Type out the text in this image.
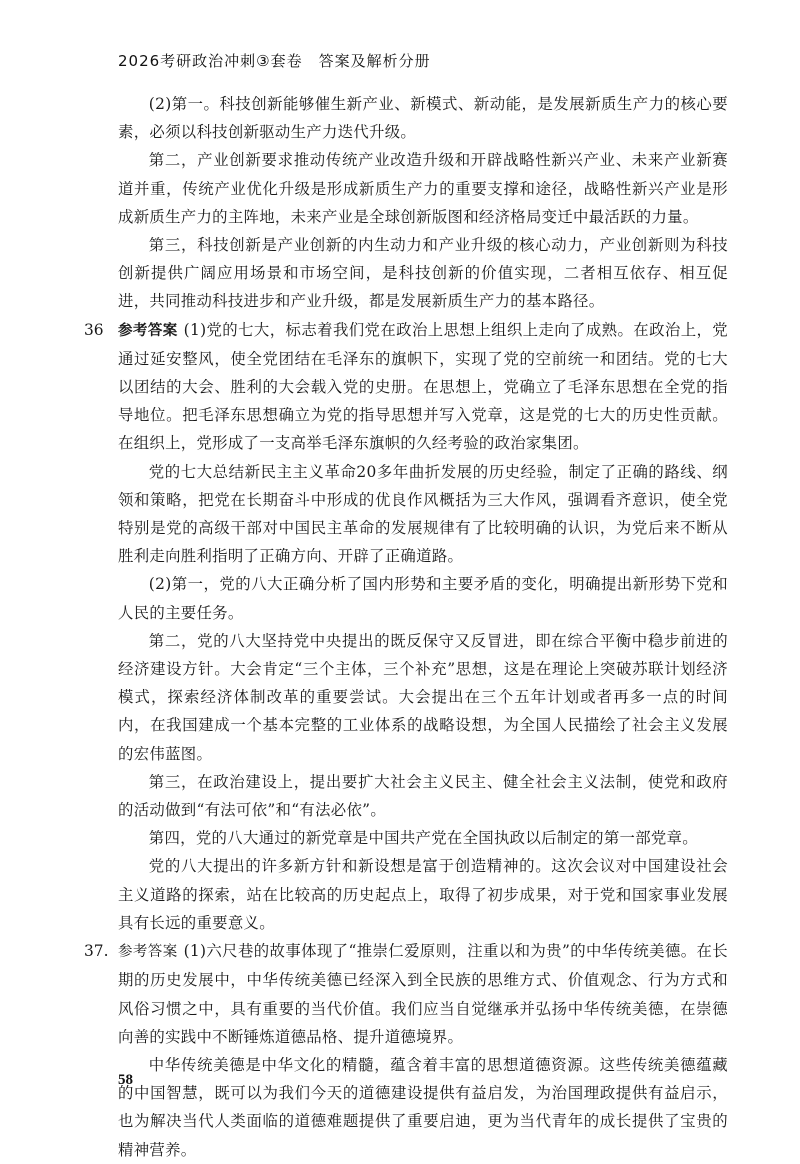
2026考研政治冲刺③套卷　答案及解析分册

(2)第一。科技创新能够催生新产业、新模式、新动能，是发展新质生产力的核心要素，必须以科技创新驱动生产力迭代升级。

第二，产业创新要求推动传统产业改造升级和开辟战略性新兴产业、未来产业新赛道并重，传统产业优化升级是形成新质生产力的重要支撑和途径，战略性新兴产业是形成新质生产力的主阵地，未来产业是全球创新版图和经济格局变迁中最活跃的力量。

第三，科技创新是产业创新的内生动力和产业升级的核心动力，产业创新则为科技创新提供广阔应用场景和市场空间，是科技创新的价值实现，二者相互依存、相互促进，共同推动科技进步和产业升级，都是发展新质生产力的基本路径。

36 参考答案 (1)党的七大，标志着我们党在政治上思想上组织上走向了成熟。在政治上，党通过延安整风，使全党团结在毛泽东的旗帜下，实现了党的空前统一和团结。党的七大以团结的大会、胜利的大会载入党的史册。在思想上，党确立了毛泽东思想在全党的指导地位。把毛泽东思想确立为党的指导思想并写入党章，这是党的七大的历史性贡献。在组织上，党形成了一支高举毛泽东旗帜的久经考验的政治家集团。

党的七大总结新民主主义革命20多年曲折发展的历史经验，制定了正确的路线、纲领和策略，把党在长期奋斗中形成的优良作风概括为三大作风，强调看齐意识，使全党特别是党的高级干部对中国民主革命的发展规律有了比较明确的认识，为党后来不断从胜利走向胜利指明了正确方向、开辟了正确道路。

(2)第一，党的八大正确分析了国内形势和主要矛盾的变化，明确提出新形势下党和人民的主要任务。

第二，党的八大坚持党中央提出的既反保守又反冒进，即在综合平衡中稳步前进的经济建设方针。大会肯定“三个主体，三个补充”思想，这是在理论上突破苏联计划经济模式，探索经济体制改革的重要尝试。大会提出在三个五年计划或者再多一点的时间内，在我国建成一个基本完整的工业体系的战略设想，为全国人民描绘了社会主义发展的宏伟蓝图。

第三，在政治建设上，提出要扩大社会主义民主、健全社会主义法制，使党和政府的活动做到“有法可依”和“有法必依”。

第四，党的八大通过的新党章是中国共产党在全国执政以后制定的第一部党章。

党的八大提出的许多新方针和新设想是富于创造精神的。这次会议对中国建设社会主义道路的探索，站在比较高的历史起点上，取得了初步成果，对于党和国家事业发展具有长远的重要意义。

37. 参考答案 (1)六尺巷的故事体现了“推崇仁爱原则，注重以和为贵”的中华传统美德。在长期的历史发展中，中华传统美德已经深入到全民族的思维方式、价值观念、行为方式和风俗习惯之中，具有重要的当代价值。我们应当自觉继承并弘扬中华传统美德，在崇德向善的实践中不断锤炼道德品格、提升道德境界。

中华传统美德是中华文化的精髓，蕴含着丰富的思想道德资源。这些传统美德蕴藏的中国智慧，既可以为我们今天的道德建设提供有益启发，为治国理政提供有益启示，也为解决当代人类面临的道德难题提供了重要启迪，更为当代青年的成长提供了宝贵的精神营养。

58
